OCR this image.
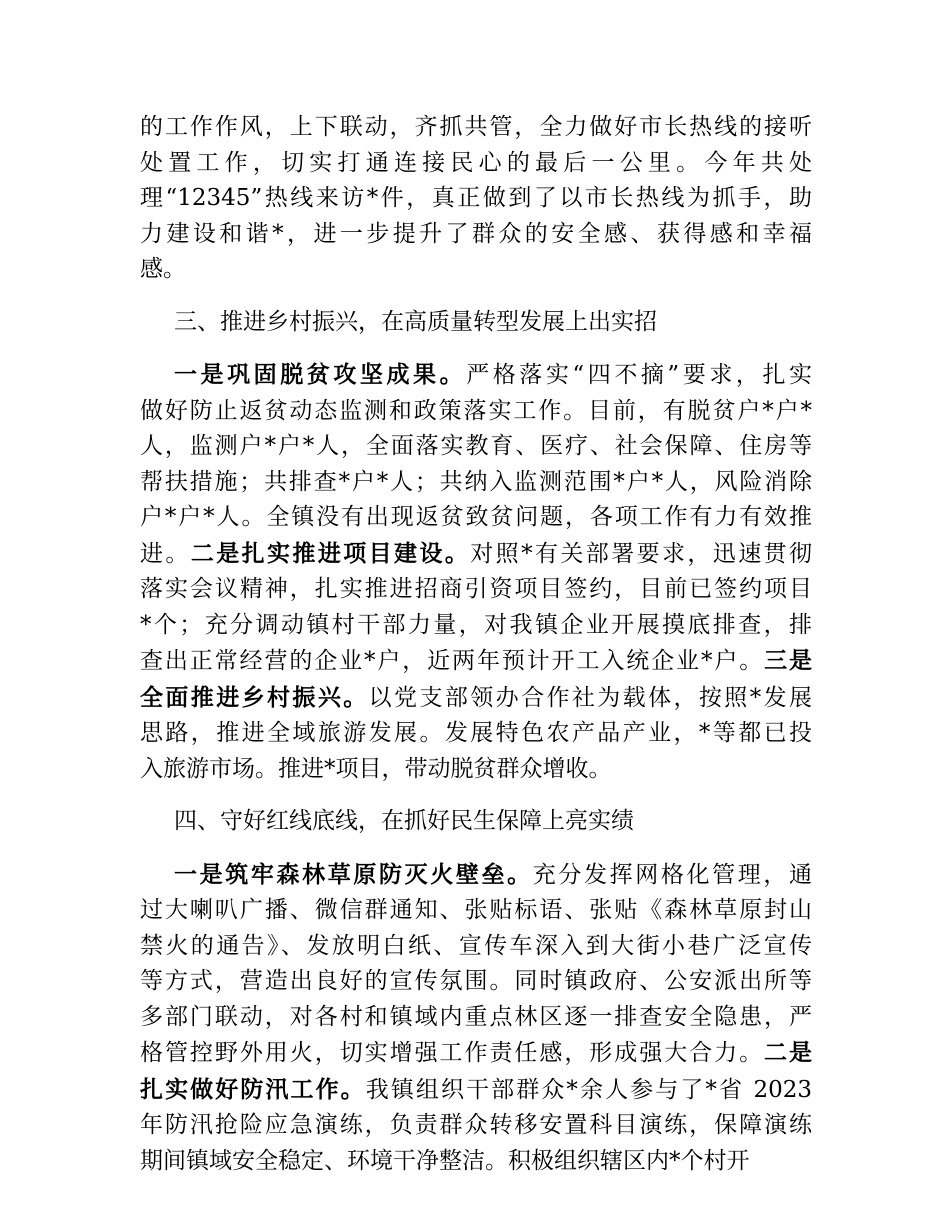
的工作作风，上下联动，齐抓共管，全力做好市长热线的接听
处置工作，切实打通连接民心的最后一公里。今年共处
理“12345”热线来访*件，真正做到了以市长热线为抓手，助
力建设和谐*，进一步提升了群众的安全感、获得感和幸福
感。
三、推进乡村振兴，在高质量转型发展上出实招
一是巩固脱贫攻坚成果。严格落实“四不摘”要求，扎实
做好防止返贫动态监测和政策落实工作。目前，有脱贫户*户*
人，监测户*户*人，全面落实教育、医疗、社会保障、住房等
帮扶措施；共排查*户*人；共纳入监测范围*户*人，风险消除
户*户*人。全镇没有出现返贫致贫问题，各项工作有力有效推
进。二是扎实推进项目建设。对照*有关部署要求，迅速贯彻
落实会议精神，扎实推进招商引资项目签约，目前已签约项目
*个；充分调动镇村干部力量，对我镇企业开展摸底排查，排
查出正常经营的企业*户，近两年预计开工入统企业*户。三是
全面推进乡村振兴。以党支部领办合作社为载体，按照*发展
思路，推进全域旅游发展。发展特色农产品产业，*等都已投
入旅游市场。推进*项目，带动脱贫群众增收。
四、守好红线底线，在抓好民生保障上亮实绩
一是筑牢森林草原防灭火壁垒。充分发挥网格化管理，通
过大喇叭广播、微信群通知、张贴标语、张贴《森林草原封山
禁火的通告》、发放明白纸、宣传车深入到大街小巷广泛宣传
等方式，营造出良好的宣传氛围。同时镇政府、公安派出所等
多部门联动，对各村和镇域内重点林区逐一排查安全隐患，严
格管控野外用火，切实增强工作责任感，形成强大合力。二是
扎实做好防汛工作。我镇组织干部群众*余人参与了*省 2023
年防汛抢险应急演练，负责群众转移安置科目演练，保障演练
期间镇域安全稳定、环境干净整洁。积极组织辖区内*个村开
